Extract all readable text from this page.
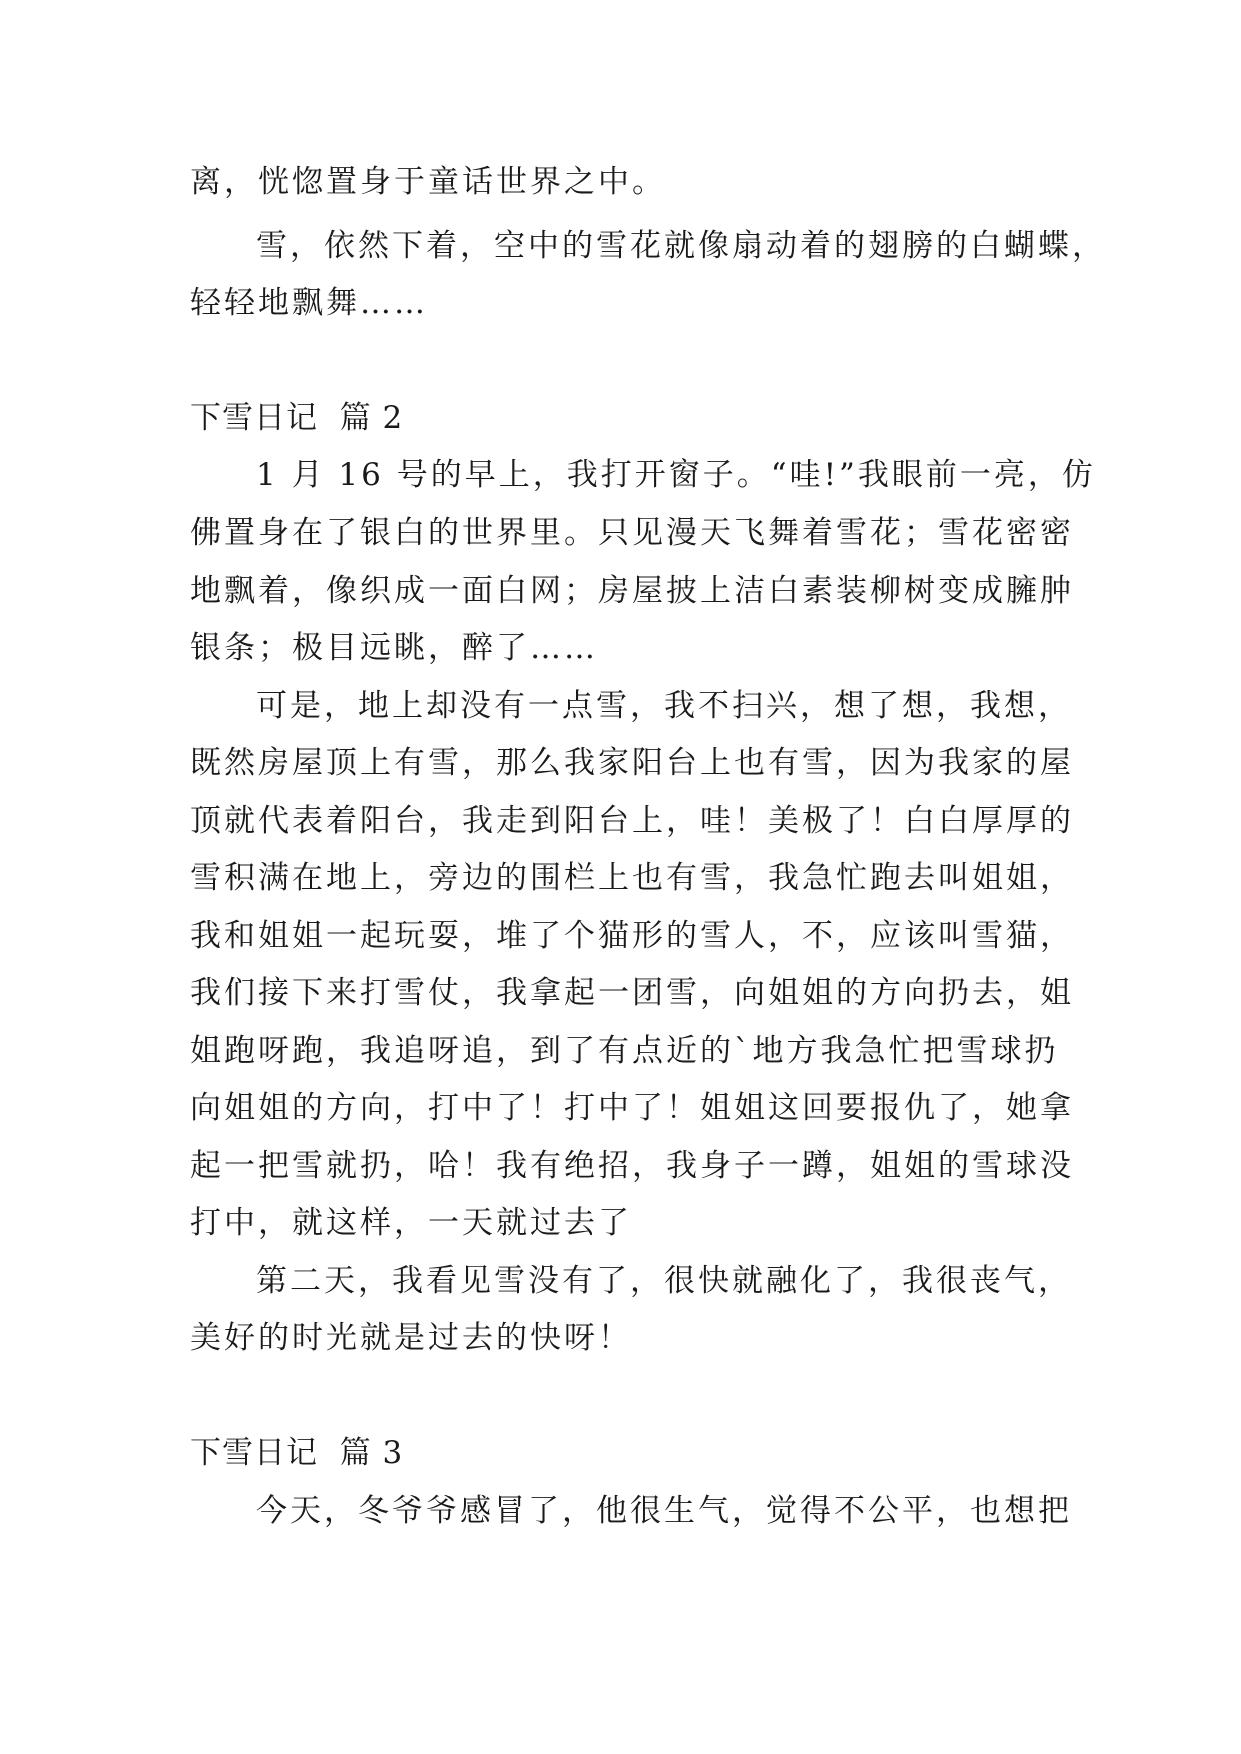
离，恍惚置身于童话世界之中。

雪，依然下着，空中的雪花就像扇动着的翅膀的白蝴蝶，

轻轻地飘舞……

下雪日记  篇 2

1 月 16 号的早上，我打开窗子。“哇!”我眼前一亮，仿

佛置身在了银白的世界里。只见漫天飞舞着雪花；雪花密密

地飘着，像织成一面白网；房屋披上洁白素装柳树变成臃肿

银条；极目远眺，醉了……

可是，地上却没有一点雪，我不扫兴，想了想，我想，

既然房屋顶上有雪，那么我家阳台上也有雪，因为我家的屋

顶就代表着阳台，我走到阳台上，哇！美极了！白白厚厚的

雪积满在地上，旁边的围栏上也有雪，我急忙跑去叫姐姐，

我和姐姐一起玩耍，堆了个猫形的雪人，不，应该叫雪猫，

我们接下来打雪仗，我拿起一团雪，向姐姐的方向扔去，姐

姐跑呀跑，我追呀追，到了有点近的`地方我急忙把雪球扔

向姐姐的方向，打中了！打中了！姐姐这回要报仇了，她拿

起一把雪就扔，哈！我有绝招，我身子一蹲，姐姐的雪球没

打中，就这样，一天就过去了

第二天，我看见雪没有了，很快就融化了，我很丧气，

美好的时光就是过去的快呀！

下雪日记  篇 3

今天，冬爷爷感冒了，他很生气，觉得不公平，也想把
